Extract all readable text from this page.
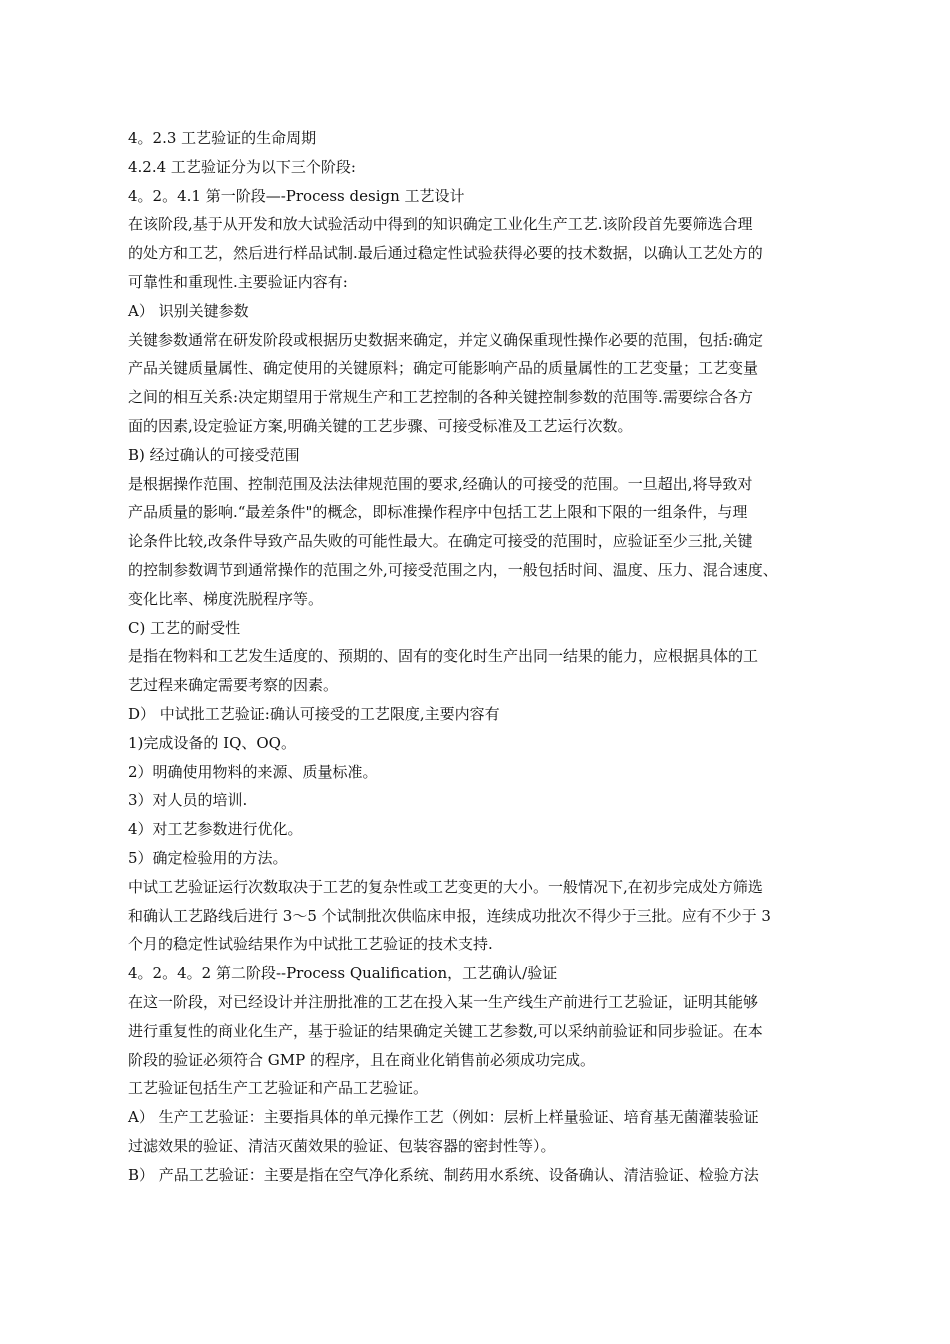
4。2.3 工艺验证的生命周期
4.2.4 工艺验证分为以下三个阶段:
4。2。4.1 第一阶段—-Process design 工艺设计
在该阶段,基于从开发和放大试验活动中得到的知识确定工业化生产工艺.该阶段首先要筛选合理
的处方和工艺，然后进行样品试制.最后通过稳定性试验获得必要的技术数据，以确认工艺处方的
可靠性和重现性.主要验证内容有:
A） 识别关键参数
关键参数通常在研发阶段或根据历史数据来确定，并定义确保重现性操作必要的范围，包括:确定
产品关键质量属性、确定使用的关键原料；确定可能影响产品的质量属性的工艺变量；工艺变量
之间的相互关系:决定期望用于常规生产和工艺控制的各种关键控制参数的范围等.需要综合各方
面的因素,设定验证方案,明确关键的工艺步骤、可接受标准及工艺运行次数。
B) 经过确认的可接受范围
是根据操作范围、控制范围及法法律规范围的要求,经确认的可接受的范围。一旦超出,将导致对
产品质量的影响.“最差条件"的概念，即标准操作程序中包括工艺上限和下限的一组条件，与理
论条件比较,改条件导致产品失败的可能性最大。在确定可接受的范围时，应验证至少三批,关键
的控制参数调节到通常操作的范围之外,可接受范围之内，一般包括时间、温度、压力、混合速度、
变化比率、梯度洗脱程序等。
C) 工艺的耐受性
是指在物料和工艺发生适度的、预期的、固有的变化时生产出同一结果的能力，应根据具体的工
艺过程来确定需要考察的因素。
D） 中试批工艺验证:确认可接受的工艺限度,主要内容有
1)完成设备的 IQ、OQ。
2）明确使用物料的来源、质量标准。
3）对人员的培训.
4）对工艺参数进行优化。
5）确定检验用的方法。
中试工艺验证运行次数取决于工艺的复杂性或工艺变更的大小。一般情况下,在初步完成处方筛选
和确认工艺路线后进行 3～5 个试制批次供临床申报，连续成功批次不得少于三批。应有不少于 3
个月的稳定性试验结果作为中试批工艺验证的技术支持.
4。2。4。2 第二阶段--Process Qualification，工艺确认/验证
在这一阶段，对已经设计并注册批准的工艺在投入某一生产线生产前进行工艺验证，证明其能够
进行重复性的商业化生产，基于验证的结果确定关键工艺参数,可以采纳前验证和同步验证。在本
阶段的验证必须符合 GMP 的程序，且在商业化销售前必须成功完成。
工艺验证包括生产工艺验证和产品工艺验证。
A） 生产工艺验证：主要指具体的单元操作工艺（例如：层析上样量验证、培育基无菌灌装验证
过滤效果的验证、清洁灭菌效果的验证、包装容器的密封性等）。
B） 产品工艺验证：主要是指在空气净化系统、制药用水系统、设备确认、清洁验证、检验方法
